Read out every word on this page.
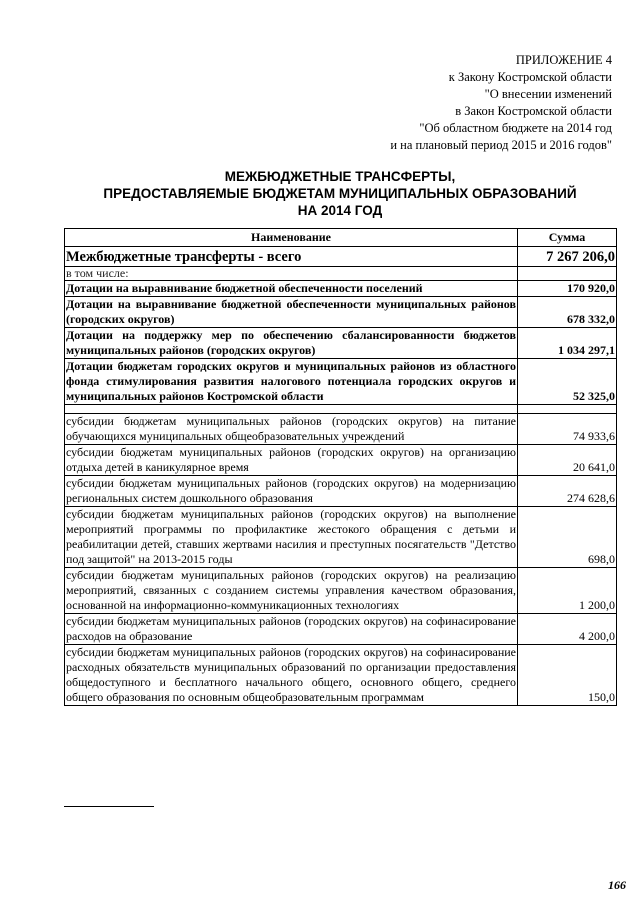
ПРИЛОЖЕНИЕ 4
к Закону Костромской области
"О внесении изменений
в Закон Костромской области
"Об областном бюджете на 2014 год
и на плановый период 2015 и 2016 годов"
МЕЖБЮДЖЕТНЫЕ ТРАНСФЕРТЫ,
ПРЕДОСТАВЛЯЕМЫЕ БЮДЖЕТАМ МУНИЦИПАЛЬНЫХ ОБРАЗОВАНИЙ
НА 2014 ГОД
Наименование	Сумма
Межбюджетные трансферты - всего	7 267 206,0
в том числе:	
Дотации на выравнивание бюджетной обеспеченности поселений	170 920,0
Дотации на выравнивание бюджетной обеспеченности муниципальных районов (городских округов)	678 332,0
Дотации на поддержку мер по обеспечению сбалансированности бюджетов муниципальных районов (городских округов)	1 034 297,1
Дотации бюджетам городских округов и муниципальных районов из областного фонда стимулирования развития налогового потенциала городских округов и муниципальных районов Костромской области	52 325,0

субсидии бюджетам муниципальных районов (городских округов) на питание обучающихся муниципальных общеобразовательных учреждений	74 933,6
субсидии бюджетам муниципальных районов (городских округов) на организацию отдыха детей в каникулярное время	20 641,0
субсидии бюджетам муниципальных районов (городских округов) на модернизацию региональных систем дошкольного образования	274 628,6
субсидии бюджетам муниципальных районов (городских округов) на выполнение мероприятий программы по профилактике жестокого обращения с детьми и реабилитации детей, ставших жертвами насилия и преступных посягательств "Детство под защитой" на 2013-2015 годы	698,0
субсидии бюджетам муниципальных районов (городских округов) на реализацию мероприятий, связанных с созданием системы управления качеством образования, основанной на информационно-коммуникационных технологиях	1 200,0
субсидии бюджетам муниципальных районов (городских округов) на софинасирование расходов на образование	4 200,0
субсидии бюджетам муниципальных районов (городских округов) на софинасирование расходных обязательств муниципальных образований по организации предоставления общедоступного и бесплатного начального общего, основного общего, среднего общего образования по основным общеобразовательным программам	150,0
166
